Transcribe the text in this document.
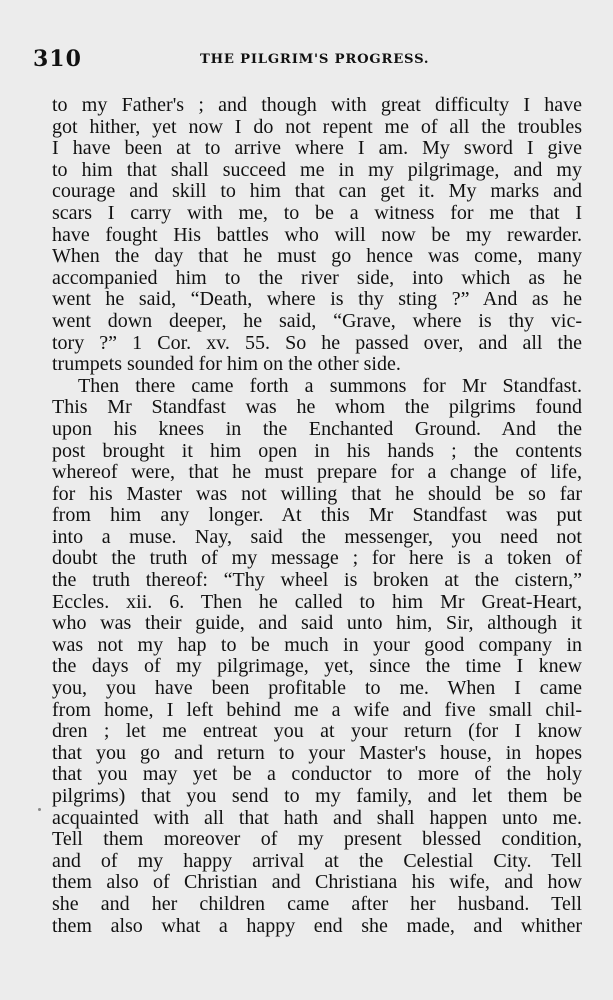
310	THE PILGRIM'S PROGRESS.
to my Father's ; and though with great difficulty I have
got hither, yet now I do not repent me of all the troubles
I have been at to arrive where I am. My sword I give
to him that shall succeed me in my pilgrimage, and my
courage and skill to him that can get it. My marks and
scars I carry with me, to be a witness for me that I
have fought His battles who will now be my rewarder.
When the day that he must go hence was come, many
accompanied him to the river side, into which as he
went he said, “Death, where is thy sting ?” And as he
went down deeper, he said, “Grave, where is thy vic-
tory ?” 1 Cor. xv. 55. So he passed over, and all the
trumpets sounded for him on the other side.
Then there came forth a summons for Mr Standfast.
This Mr Standfast was he whom the pilgrims found
upon his knees in the Enchanted Ground. And the
post brought it him open in his hands ; the contents
whereof were, that he must prepare for a change of life,
for his Master was not willing that he should be so far
from him any longer. At this Mr Standfast was put
into a muse. Nay, said the messenger, you need not
doubt the truth of my message ; for here is a token of
the truth thereof: “Thy wheel is broken at the cistern,”
Eccles. xii. 6. Then he called to him Mr Great-Heart,
who was their guide, and said unto him, Sir, although it
was not my hap to be much in your good company in
the days of my pilgrimage, yet, since the time I knew
you, you have been profitable to me. When I came
from home, I left behind me a wife and five small chil-
dren ; let me entreat you at your return (for I know
that you go and return to your Master's house, in hopes
that you may yet be a conductor to more of the holy
pilgrims) that you send to my family, and let them be
acquainted with all that hath and shall happen unto me.
Tell them moreover of my present blessed condition,
and of my happy arrival at the Celestial City. Tell
them also of Christian and Christiana his wife, and how
she and her children came after her husband. Tell
them also what a happy end she made, and whither
